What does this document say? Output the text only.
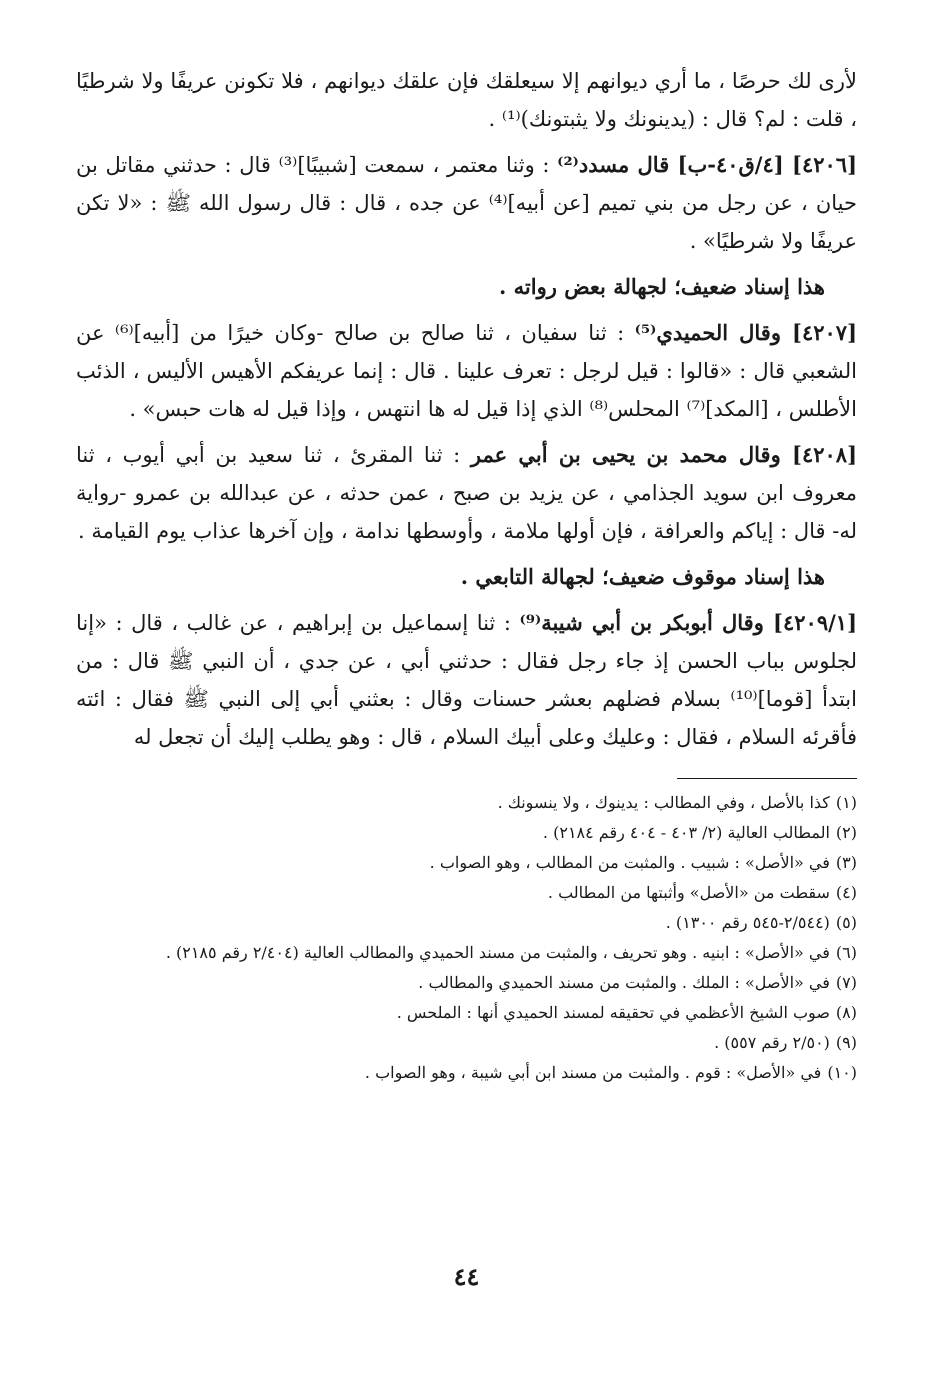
لأرى لك حرصًا ، ما أري ديوانهم إلا سيعلقك فإن علقك ديوانهم ، فلا تكونن عريفًا ولا شرطيًا ، قلت : لم؟ قال : (يدينونك ولا يثبتونك)⁽¹⁾ .

[٤٢٠٦] [٤/ق٤٠-ب] قال مسدد⁽²⁾ : وثنا معتمر ، سمعت [شبيبًا]⁽³⁾ قال : حدثني مقاتل بن حيان ، عن رجل من بني تميم [عن أبيه]⁽⁴⁾ عن جده ، قال : قال رسول الله ﷺ : «لا تكن عريفًا ولا شرطيًا» .

هذا إسناد ضعيف؛ لجهالة بعض رواته .

[٤٢٠٧] وقال الحميدي⁽⁵⁾ : ثنا سفيان ، ثنا صالح بن صالح -وكان خيرًا من [أبيه]⁽⁶⁾ عن الشعبي قال : «قالوا : قيل لرجل : تعرف علينا . قال : إنما عريفكم الأهيس الأليس ، الذئب الأطلس ، [المكد]⁽⁷⁾ المحلس⁽⁸⁾ الذي إذا قيل له ها انتهس ، وإذا قيل له هات حبس» .

[٤٢٠٨] وقال محمد بن يحيى بن أبي عمر : ثنا المقرئ ، ثنا سعيد بن أبي أيوب ، ثنا معروف ابن سويد الجذامي ، عن يزيد بن صبح ، عمن حدثه ، عن عبدالله بن عمرو -رواية له- قال : إياكم والعرافة ، فإن أولها ملامة ، وأوسطها ندامة ، وإن آخرها عذاب يوم القيامة .

هذا إسناد موقوف ضعيف؛ لجهالة التابعي .

[٤٢٠٩/١] وقال أبوبكر بن أبي شيبة⁽⁹⁾ : ثنا إسماعيل بن إبراهيم ، عن غالب ، قال : «إنا لجلوس بباب الحسن إذ جاء رجل فقال : حدثني أبي ، عن جدي ، أن النبي ﷺ قال : من ابتدأ [قوما]⁽¹⁰⁾ بسلام فضلهم بعشر حسنات وقال : بعثني أبي إلى النبي ﷺ فقال : ائته فأقرئه السلام ، فقال : وعليك وعلى أبيك السلام ، قال : وهو يطلب إليك أن تجعل له

(١)كذا بالأصل ، وفي المطالب : يدينوك ، ولا ينسونك .
(٢)المطالب العالية (٢/ ٤٠٣ - ٤٠٤ رقم ٢١٨٤) .
(٣)في «الأصل» : شبيب . والمثبت من المطالب ، وهو الصواب .
(٤)سقطت من «الأصل» وأثبتها من المطالب .
(٥)(٢/٥٤٤-٥٤٥ رقم ١٣٠٠) .
(٦)في «الأصل» : ابنيه . وهو تحريف ، والمثبت من مسند الحميدي والمطالب العالية (٢/٤٠٤ رقم ٢١٨٥) .
(٧)في «الأصل» : الملك . والمثبت من مسند الحميدي والمطالب .
(٨)صوب الشيخ الأعظمي في تحقيقه لمسند الحميدي أنها : الملحس .
(٩)(٢/٥٠ رقم ٥٥٧) .
(١٠)في «الأصل» : قوم . والمثبت من مسند ابن أبي شيبة ، وهو الصواب .
٤٤
